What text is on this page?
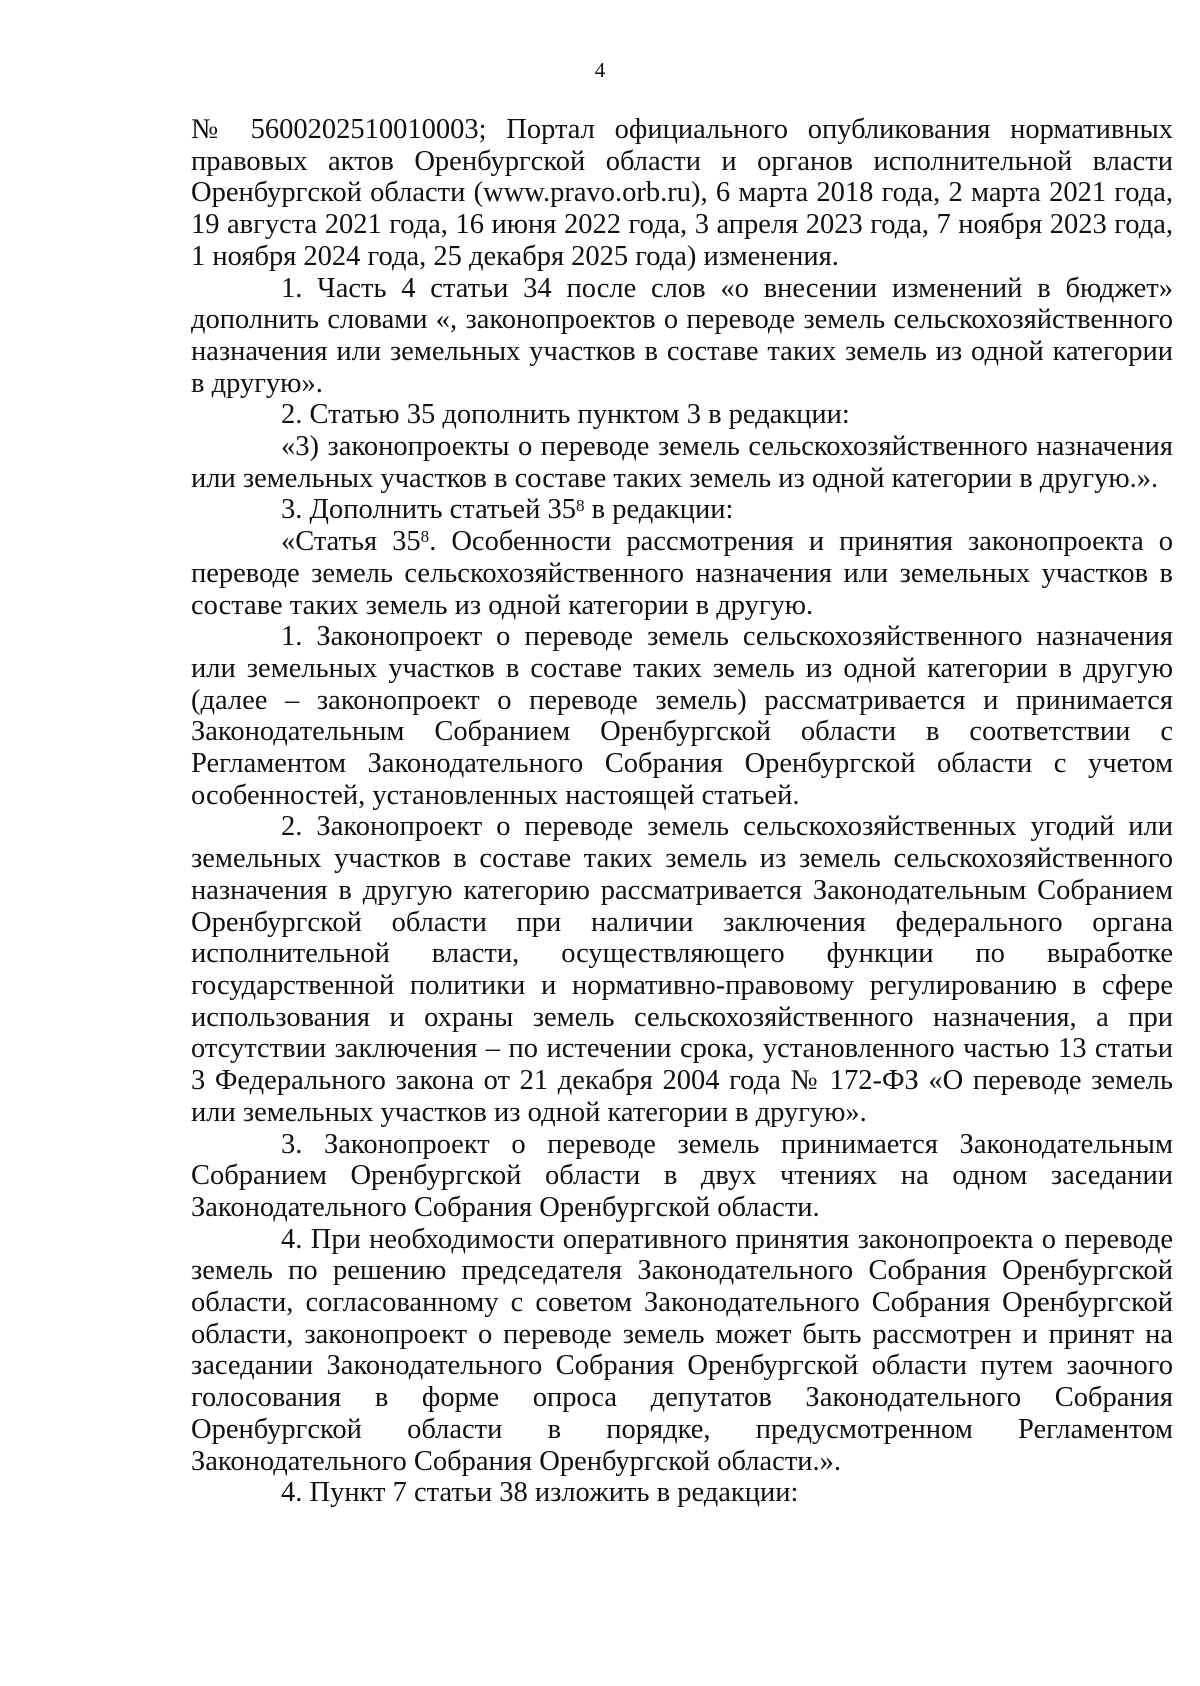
4

№ 5600202510010003; Портал официального опубликования нормативных правовых актов Оренбургской области и органов исполнительной власти Оренбургской области (www.pravo.orb.ru), 6 марта 2018 года, 2 марта 2021 года, 19 августа 2021 года, 16 июня 2022 года, 3 апреля 2023 года, 7 ноября 2023 года, 1 ноября 2024 года, 25 декабря 2025 года) изменения.

1. Часть 4 статьи 34 после слов «о внесении изменений в бюджет» дополнить словами «, законопроектов о переводе земель сельскохозяйственного назначения или земельных участков в составе таких земель из одной категории в другую».

2. Статью 35 дополнить пунктом 3 в редакции:

«3) законопроекты о переводе земель сельскохозяйственного назначения или земельных участков в составе таких земель из одной категории в другую.».

3. Дополнить статьей $35^8$ в редакции:

«Статья $35^8$. Особенности рассмотрения и принятия законопроекта о переводе земель сельскохозяйственного назначения или земельных участков в составе таких земель из одной категории в другую.

1. Законопроект о переводе земель сельскохозяйственного назначения или земельных участков в составе таких земель из одной категории в другую (далее – законопроект о переводе земель) рассматривается и принимается Законодательным Собранием Оренбургской области в соответствии с Регламентом Законодательного Собрания Оренбургской области с учетом особенностей, установленных настоящей статьей.

2. Законопроект о переводе земель сельскохозяйственных угодий или земельных участков в составе таких земель из земель сельскохозяйственного назначения в другую категорию рассматривается Законодательным Собранием Оренбургской области при наличии заключения федерального органа исполнительной власти, осуществляющего функции по выработке государственной политики и нормативно-правовому регулированию в сфере использования и охраны земель сельскохозяйственного назначения, а при отсутствии заключения – по истечении срока, установленного частью 13 статьи 3 Федерального закона от 21 декабря 2004 года № 172-ФЗ «О переводе земель или земельных участков из одной категории в другую».

3. Законопроект о переводе земель принимается Законодательным Собранием Оренбургской области в двух чтениях на одном заседании Законодательного Собрания Оренбургской области.

4. При необходимости оперативного принятия законопроекта о переводе земель по решению председателя Законодательного Собрания Оренбургской области, согласованному с советом Законодательного Собрания Оренбургской области, законопроект о переводе земель может быть рассмотрен и принят на заседании Законодательного Собрания Оренбургской области путем заочного голосования в форме опроса депутатов Законодательного Собрания Оренбургской области в порядке, предусмотренном Регламентом Законодательного Собрания Оренбургской области.».

4. Пункт 7 статьи 38 изложить в редакции:
